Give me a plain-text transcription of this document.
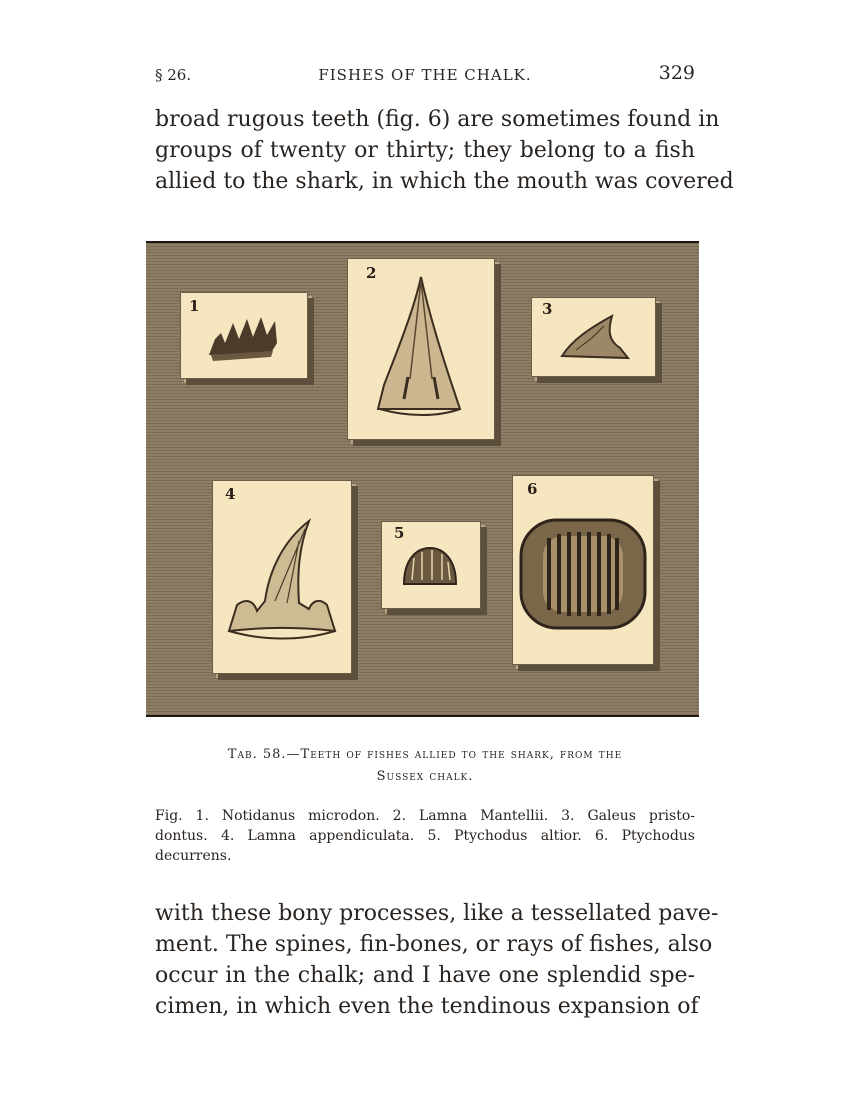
§ 26.	FISHES OF THE CHALK.	329
broad rugous teeth (fig. 6) are sometimes found in
groups of twenty or thirty; they belong to a fish
allied to the shark, in which the mouth was covered
1
2
3
4
5
6
Tab. 58.—Teeth of fishes allied to the shark, from the
Sussex chalk.
Fig. 1. Notidanus microdon. 2. Lamna Mantellii. 3. Galeus pristo-
dontus. 4. Lamna appendiculata. 5. Ptychodus altior. 6. Ptychodus
decurrens.
with these bony processes, like a tessellated pave-
ment. The spines, fin-bones, or rays of fishes, also
occur in the chalk; and I have one splendid spe-
cimen, in which even the tendinous expansion of
